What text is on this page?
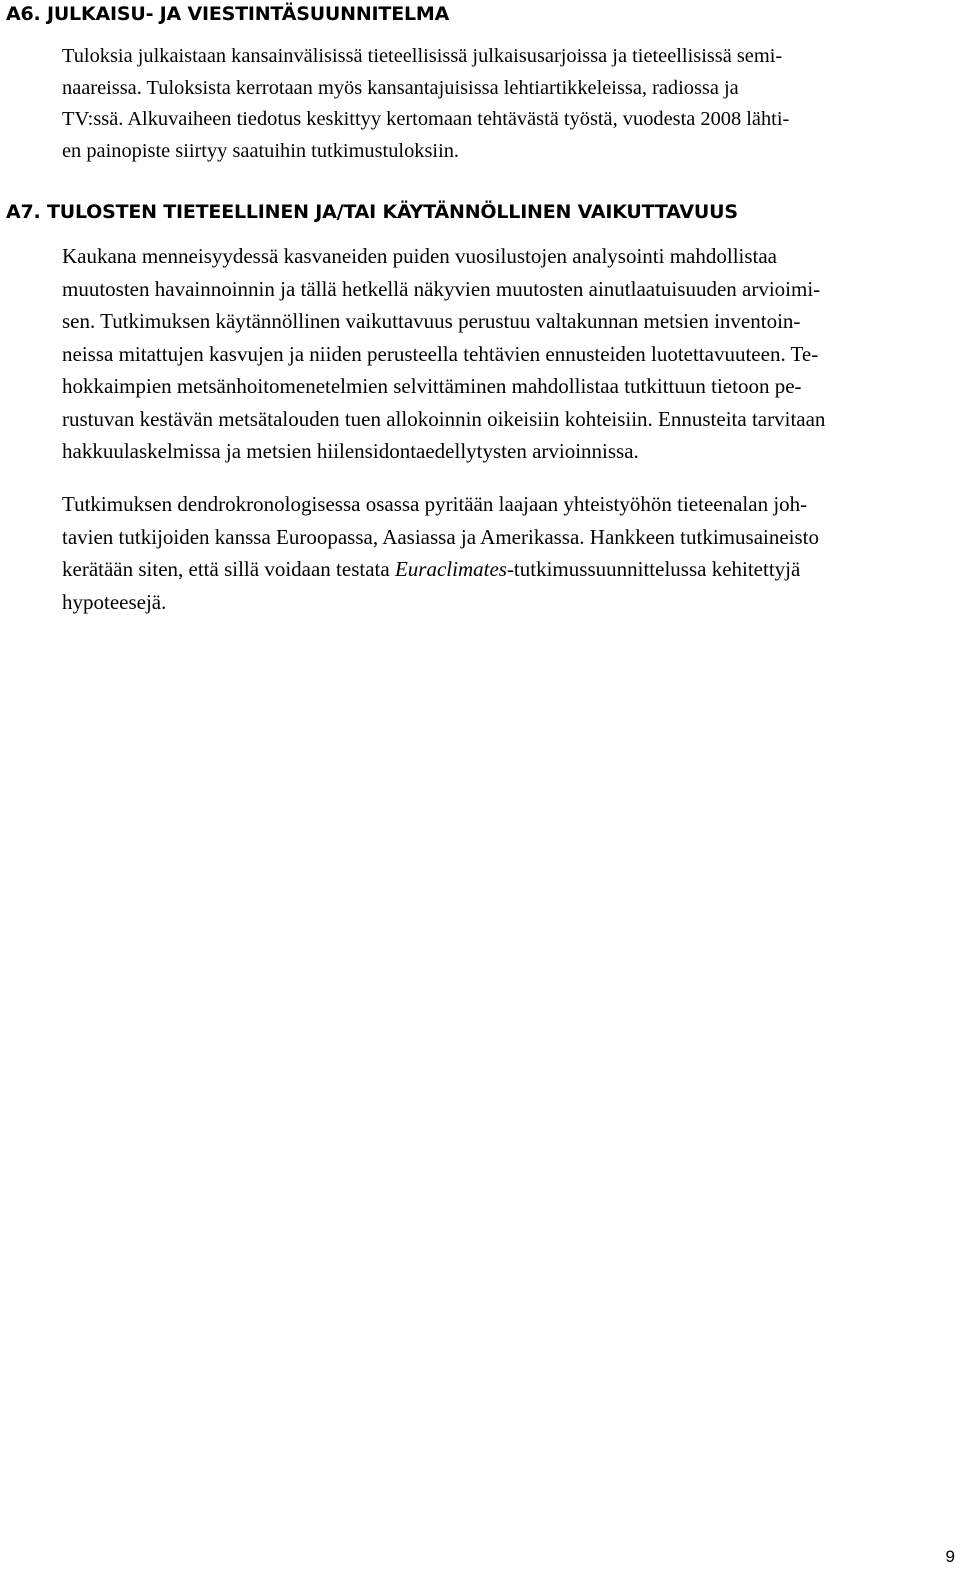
A6. JULKAISU- JA VIESTINTÄSUUNNITELMA

Tuloksia julkaistaan kansainvälisissä tieteellisissä julkaisusarjoissa ja tieteellisissä semi-
naareissa. Tuloksista kerrotaan myös kansantajuisissa lehtiartikkeleissa, radiossa ja
TV:ssä. Alkuvaiheen tiedotus keskittyy kertomaan tehtävästä työstä, vuodesta 2008 lähti-
en painopiste siirtyy saatuihin tutkimustuloksiin.

A7. TULOSTEN TIETEELLINEN JA/TAI KÄYTÄNNÖLLINEN VAIKUTTAVUUS

Kaukana menneisyydessä kasvaneiden puiden vuosilustojen analysointi mahdollistaa
muutosten havainnoinnin ja tällä hetkellä näkyvien muutosten ainutlaatuisuuden arvioimi-
sen. Tutkimuksen käytännöllinen vaikuttavuus perustuu valtakunnan metsien inventoin-
neissa mitattujen kasvujen ja niiden perusteella tehtävien ennusteiden luotettavuuteen. Te-
hokkaimpien metsänhoitomenetelmien selvittäminen mahdollistaa tutkittuun tietoon pe-
rustuvan kestävän metsätalouden tuen allokoinnin oikeisiin kohteisiin. Ennusteita tarvitaan
hakkuulaskelmissa ja metsien hiilensidontaedellytysten arvioinnissa.

Tutkimuksen dendrokronologisessa osassa pyritään laajaan yhteistyöhön tieteenalan joh-
tavien tutkijoiden kanssa Euroopassa, Aasiassa ja Amerikassa. Hankkeen tutkimusaineisto
kerätään siten, että sillä voidaan testata Euraclimates-tutkimussuunnittelussa kehitettyjä
hypoteesejä.

9
